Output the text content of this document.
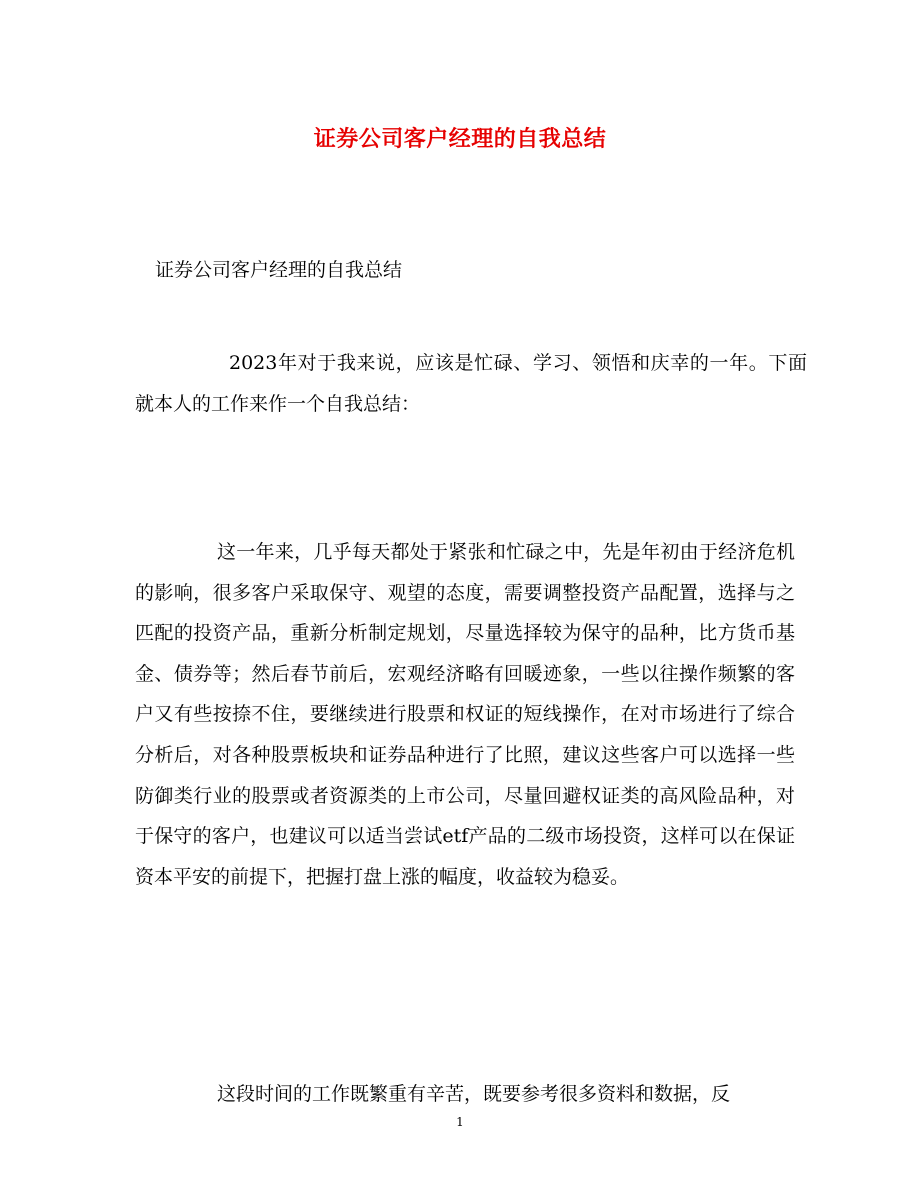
证券公司客户经理的自我总结
证券公司客户经理的自我总结

2023年对于我来说，应该是忙碌、学习、领悟和庆幸的一年。下面就本人的工作来作一个自我总结：

这一年来，几乎每天都处于紧张和忙碌之中，先是年初由于经济危机的影响，很多客户采取保守、观望的态度，需要调整投资产品配置，选择与之匹配的投资产品，重新分析制定规划，尽量选择较为保守的品种，比方货币基金、债券等；然后春节前后，宏观经济略有回暖迹象，一些以往操作频繁的客户又有些按捺不住，要继续进行股票和权证的短线操作，在对市场进行了综合分析后，对各种股票板块和证券品种进行了比照，建议这些客户可以选择一些防御类行业的股票或者资源类的上市公司，尽量回避权证类的高风险品种，对于保守的客户，也建议可以适当尝试etf产品的二级市场投资，这样可以在保证资本平安的前提下，把握打盘上涨的幅度，收益较为稳妥。

这段时间的工作既繁重有辛苦，既要参考很多资料和数据，反

1
